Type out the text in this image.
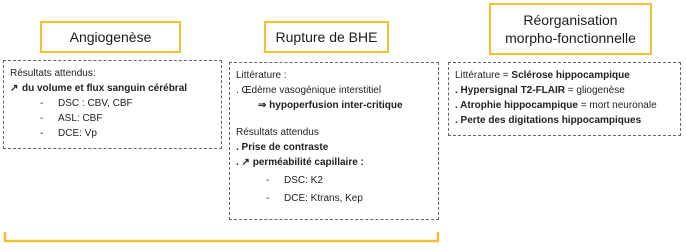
Angiogenèse	Rupture de BHE
Réorganisation
morpho-fonctionnelle
Résultats attendus:
↗ du volume et flux sanguin cérébral
- DSC : CBV, CBF
- ASL: CBF
- DCE: Vp
Littérature :
. Œdème vasogénique interstitiel
⇒ hypoperfusion inter-critique
Résultats attendus
. Prise de contraste
. ↗ perméabilité capillaire :
- DSC: K2
- DCE: Ktrans, Kep
Littérature = Sclérose hippocampique
. Hypersignal T2-FLAIR = gliogenèse
. Atrophie hippocampique = mort neuronale
. Perte des digitations hippocampiques
